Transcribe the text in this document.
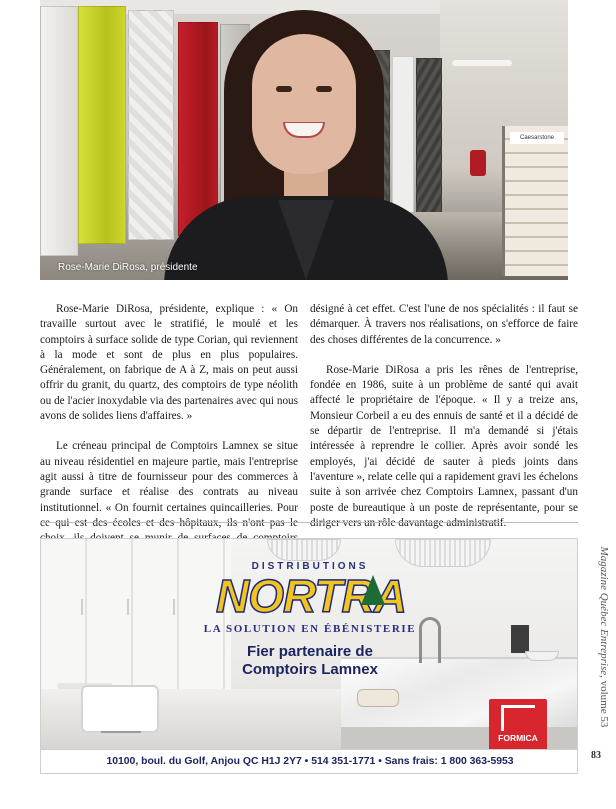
Caesarstone
Rose-Marie DiRosa, présidente

Rose-Marie DiRosa, présidente, explique : « On travaille surtout avec le stratifié, le moulé et les comptoirs à surface solide de type Corian, qui reviennent à la mode et sont de plus en plus populaires. Généralement, on fabrique de A à Z, mais on peut aussi offrir du granit, du quartz, des comptoirs de type néolith ou de l'acier inoxydable via des partenaires avec qui nous avons de solides liens d'affaires. »

Le créneau principal de Comptoirs Lamnex se situe au niveau résidentiel en majeure partie, mais l'entreprise agit aussi à titre de fournisseur pour des commerces à grande surface et réalise des contrats au niveau institutionnel. « On fournit certaines quincailleries. Pour

désigné à cet effet. C'est l'une de nos spécialités : il faut se démarquer. À travers nos réalisations, on s'efforce de faire des choses différentes de la concurrence. »

Rose-Marie DiRosa a pris les rênes de l'entreprise, fondée en 1986, suite à un problème de santé qui avait affecté le propriétaire de l'époque. « Il y a treize ans, Monsieur Corbeil a eu des ennuis de santé et il a décidé de se départir de l'entreprise. Il m'a demandé si j'étais intéressée à reprendre le collier. Après avoir sondé les employés, j'ai décidé de sauter à pieds joints dans l'aventure », relate celle qui a rapidement gravi les échelons suite à son arrivée chez Comptoirs Lamnex, passant d'un poste de bureautique à un poste de représentante, pour se

DISTRIBUTIONS
NORTRA
LA SOLUTION EN ÉBÉNISTERIE
Fier partenaire de
Comptoirs Lamnex
FORMICA
10100, boul. du Golf, Anjou QC H1J 2Y7 • 514 351-1771 • Sans frais: 1 800 363-5953
Magazine Québec Entreprise, volume 53
83
